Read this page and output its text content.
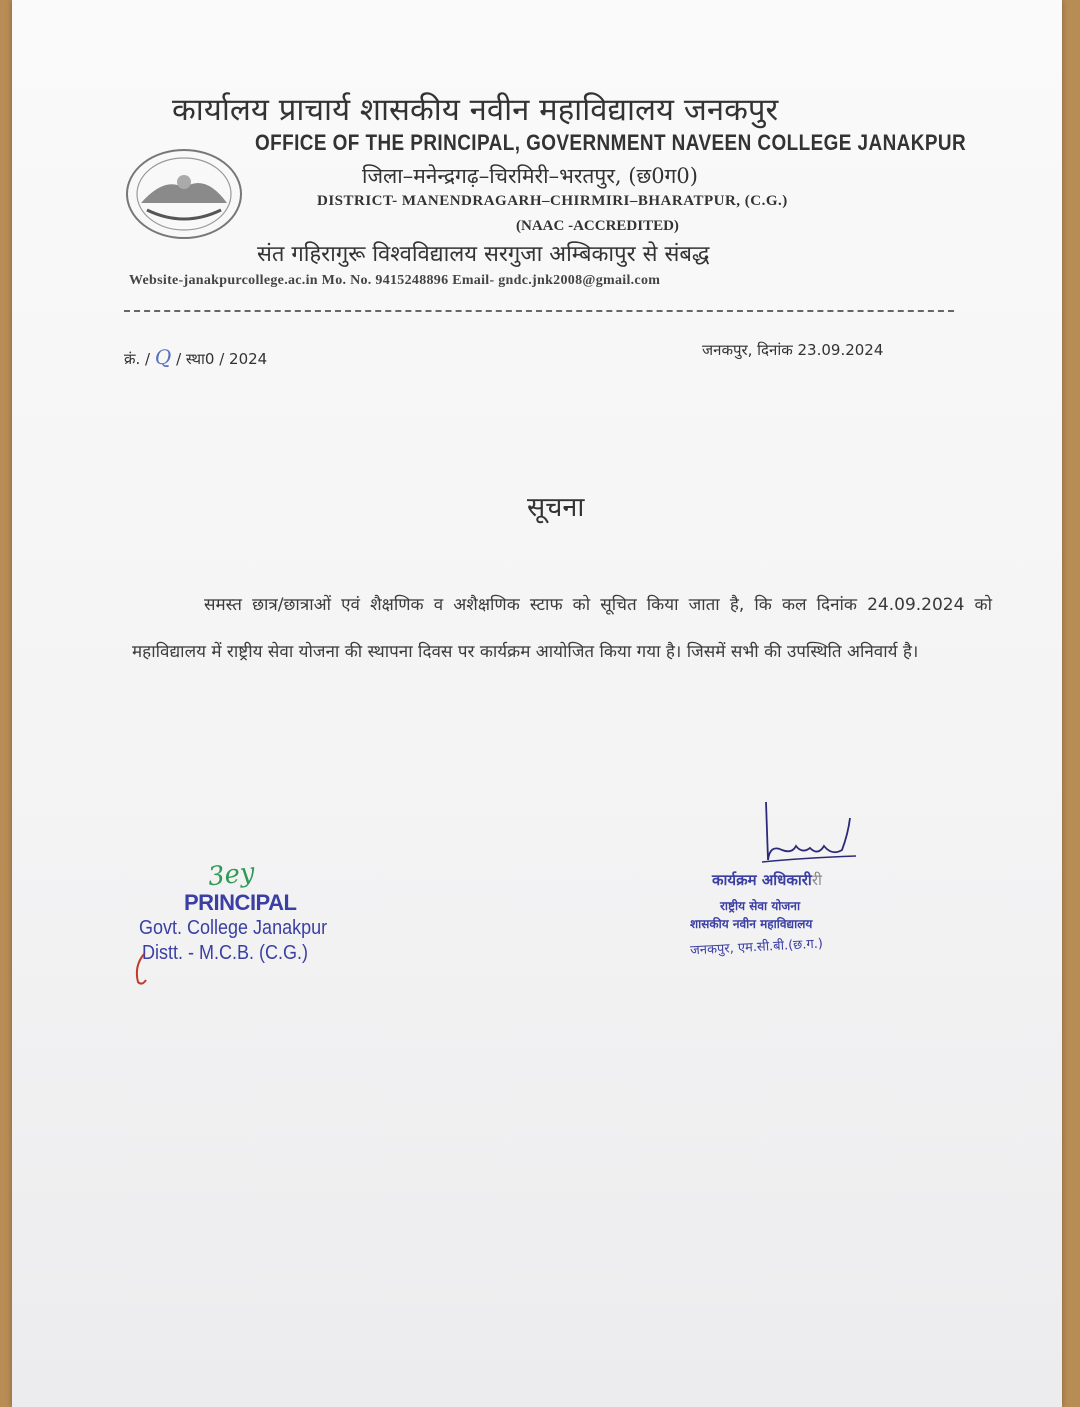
कार्यालय प्राचार्य शासकीय नवीन महाविद्यालय जनकपुर
OFFICE OF THE PRINCIPAL, GOVERNMENT NAVEEN COLLEGE JANAKPUR
जिला–मनेन्द्रगढ़–चिरमिरी–भरतपुर, (छ0ग0)
DISTRICT- MANENDRAGARH–CHIRMIRI–BHARATPUR, (C.G.)
(NAAC -ACCREDITED)
संत गहिरागुरू विश्वविद्यालय सरगुजा अम्बिकापुर से संबद्ध
Website-janakpurcollege.ac.in Mo. No. 9415248896 Email- gndc.jnk2008@gmail.com
क्रं. / Q / स्था0 / 2024	जनकपुर, दिनांक 23.09.2024
सूचना
समस्त छात्र/छात्राओं एवं शैक्षणिक व अशैक्षणिक स्टाफ को सूचित किया जाता है, कि कल दिनांक 24.09.2024 को महाविद्यालय में राष्ट्रीय सेवा योजना की स्थापना दिवस पर कार्यक्रम आयोजित किया गया है। जिसमें सभी की उपस्थिति अनिवार्य है।
3ey
PRINCIPAL
Govt. College Janakpur
Distt. - M.C.B. (C.G.)
कार्यक्रम अधिकारीरी
राष्ट्रीय सेवा योजना
शासकीय नवीन महाविद्यालय
जनकपुर, एम.सी.बी.(छ.ग.)
